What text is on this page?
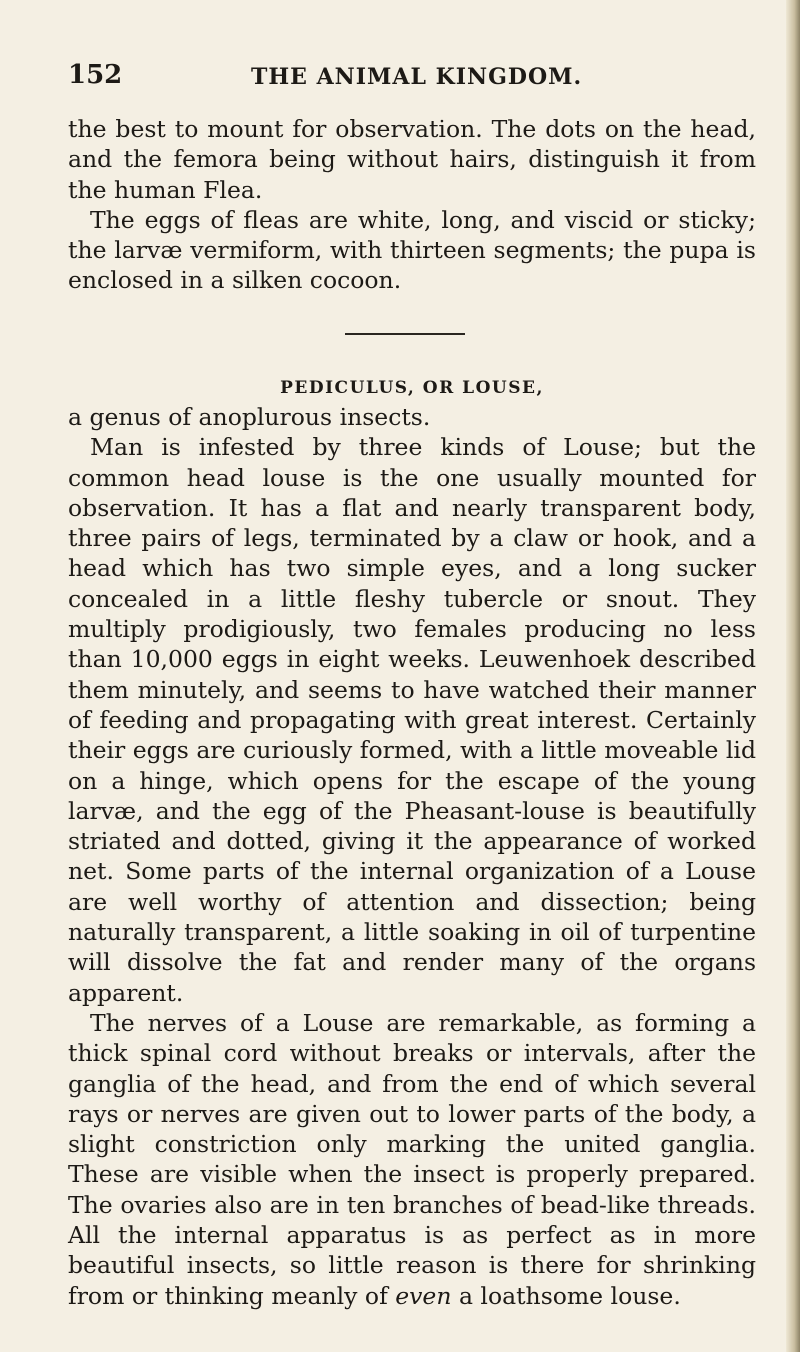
152	THE ANIMAL KINGDOM.

the best to mount for observation. The dots on the head, and the femora being without hairs, distinguish it from the human Flea.

The eggs of fleas are white, long, and viscid or sticky; the larvæ vermiform, with thirteen segments; the pupa is enclosed in a silken cocoon.

PEDICULUS, OR LOUSE,

a genus of anoplurous insects.

Man is infested by three kinds of Louse; but the common head louse is the one usually mounted for observation. It has a flat and nearly transparent body, three pairs of legs, terminated by a claw or hook, and a head which has two simple eyes, and a long sucker concealed in a little fleshy tubercle or snout. They multiply prodigiously, two females producing no less than 10,000 eggs in eight weeks. Leuwenhoek described them minutely, and seems to have watched their manner of feeding and propagating with great interest. Certainly their eggs are curiously formed, with a little moveable lid on a hinge, which opens for the escape of the young larvæ, and the egg of the Pheasant-louse is beautifully striated and dotted, giving it the appearance of worked net. Some parts of the internal organization of a Louse are well worthy of attention and dissection; being naturally transparent, a little soaking in oil of turpentine will dissolve the fat and render many of the organs apparent.

The nerves of a Louse are remarkable, as forming a thick spinal cord without breaks or intervals, after the ganglia of the head, and from the end of which several rays or nerves are given out to lower parts of the body, a slight constriction only marking the united ganglia. These are visible when the insect is properly prepared. The ovaries also are in ten branches of bead-like threads. All the internal apparatus is as perfect as in more beautiful insects, so little reason is there for shrinking from or thinking meanly of even a loathsome louse.
